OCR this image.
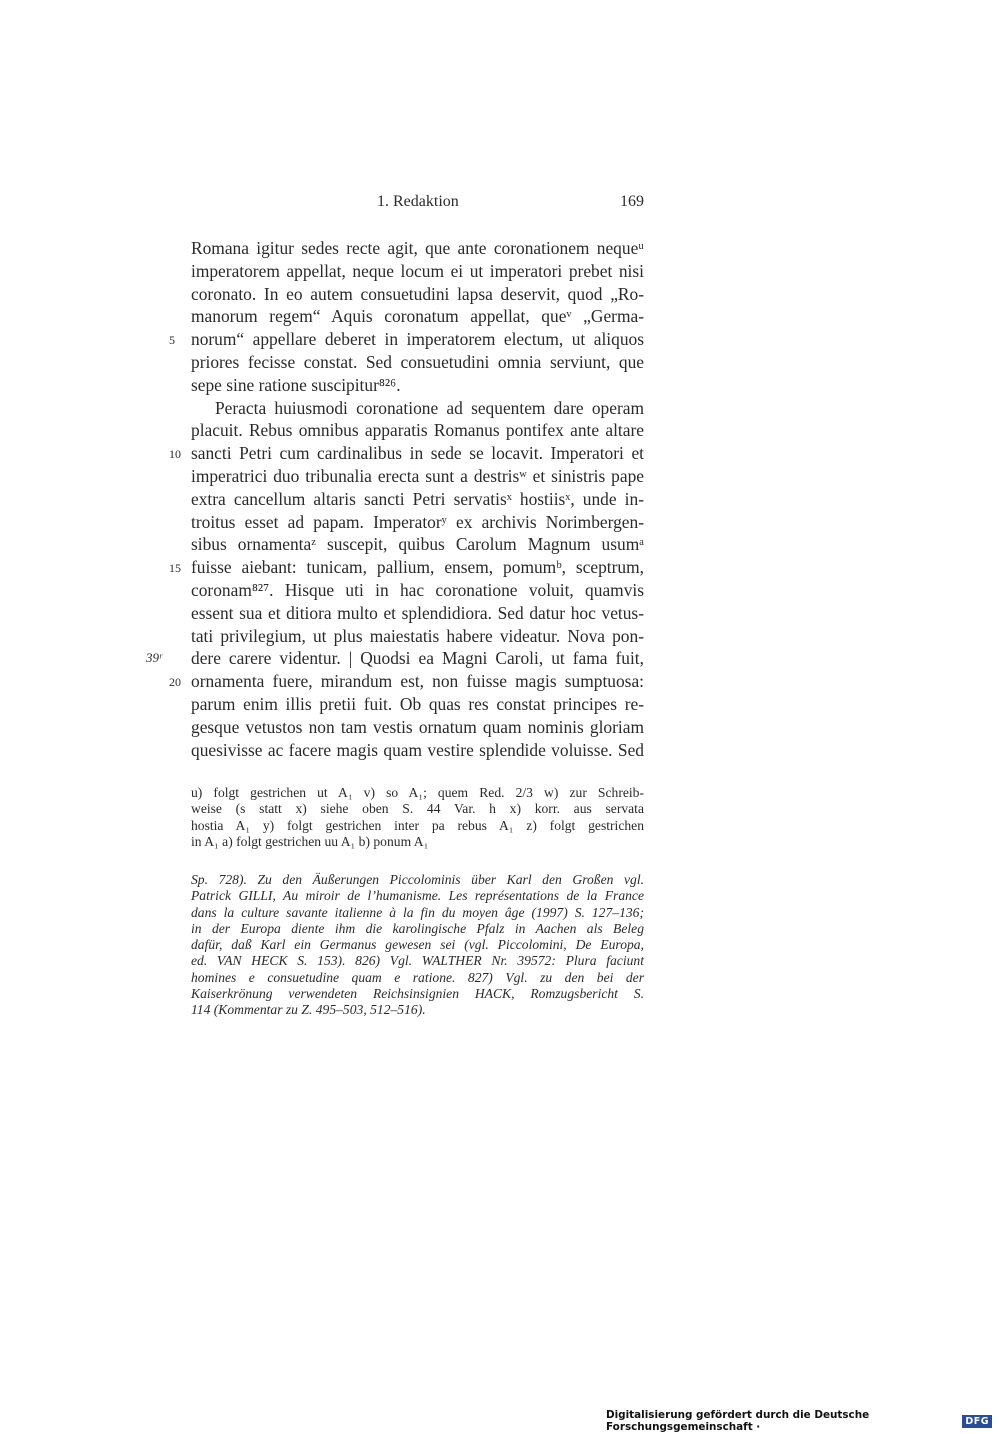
1. Redaktion	169
Romana igitur sedes recte agit, que ante coronationem nequeᵘ
imperatorem appellat, neque locum ei ut imperatori prebet nisi
coronato. In eo autem consuetudini lapsa deservit, quod „Ro-
manorum regem“ Aquis coronatum appellat, queᵛ „Germa-
5 norum“ appellare deberet in imperatorem electum, ut aliquos
priores fecisse constat. Sed consuetudini omnia serviunt, que
sepe sine ratione suscipitur⁸²⁶.
Peracta huiusmodi coronatione ad sequentem dare operam
placuit. Rebus omnibus apparatis Romanus pontifex ante altare
10 sancti Petri cum cardinalibus in sede se locavit. Imperatori et
imperatrici duo tribunalia erecta sunt a destrisʷ et sinistris pape
extra cancellum altaris sancti Petri servatisˣ hostiisˣ, unde in-
troitus esset ad papam. Imperatorʸ ex archivis Norimbergen-
sibus ornamentaᶻ suscepit, quibus Carolum Magnum usumᵃ
15 fuisse aiebant: tunicam, pallium, ensem, pomumᵇ, sceptrum,
coronam⁸²⁷. Hisque uti in hac coronatione voluit, quamvis
essent sua et ditiora multo et splendidiora. Sed datur hoc vetus-
tati privilegium, ut plus maiestatis habere videatur. Nova pon-
39ʳ dere carere videntur. | Quodsi ea Magni Caroli, ut fama fuit,
20 ornamenta fuere, mirandum est, non fuisse magis sumptuosa:
parum enim illis pretii fuit. Ob quas res constat principes re-
gesque vetustos non tam vestis ornatum quam nominis gloriam
quesivisse ac facere magis quam vestire splendide voluisse. Sed
u) folgt gestrichen ut A₁ v) so A₁; quem Red. 2/3 w) zur Schreib-
weise (s statt x) siehe oben S. 44 Var. h x) korr. aus servata
hostia A₁ y) folgt gestrichen inter pa rebus A₁ z) folgt gestrichen
in A₁ a) folgt gestrichen uu A₁ b) ponum A₁
Sp. 728). Zu den Äußerungen Piccolominis über Karl den Großen vgl.
Patrick GILLI, Au miroir de l’humanisme. Les représentations de la France
dans la culture savante italienne à la fin du moyen âge (1997) S. 127–136;
in der Europa diente ihm die karolingische Pfalz in Aachen als Beleg
dafür, daß Karl ein Germanus gewesen sei (vgl. Piccolomini, De Europa,
ed. VAN HECK S. 153). 826) Vgl. WALTHER Nr. 39572: Plura faciunt
homines e consuetudine quam e ratione. 827) Vgl. zu den bei der
Kaiserkrönung verwendeten Reichsinsignien HACK, Romzugsbericht S.
114 (Kommentar zu Z. 495–503, 512–516).
Digitalisierung gefördert durch die Deutsche Forschungsgemeinschaft ·	DFG
